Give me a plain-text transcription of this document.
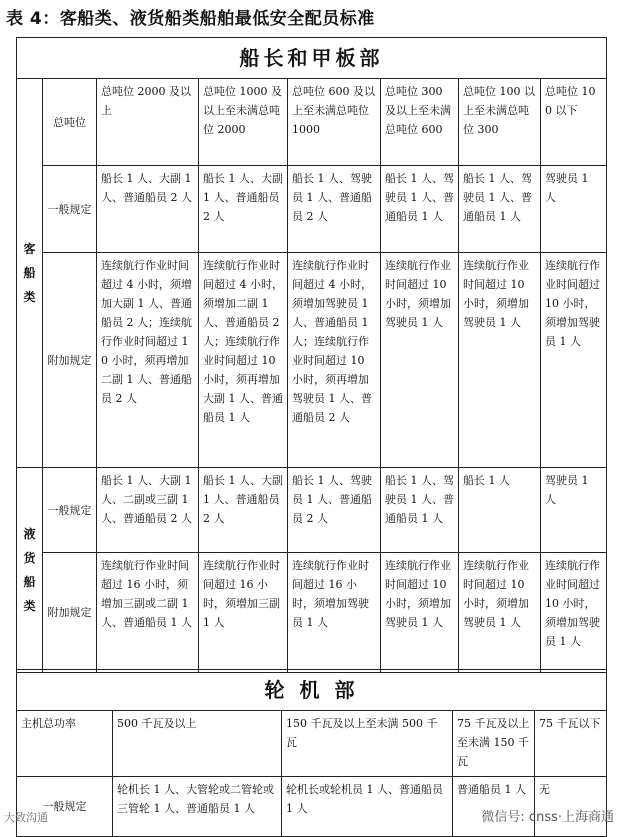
表 4：客船类、液货船类船舶最低安全配员标准
船长和甲板部							
客
船
类	总吨位	总吨位 2000 及以上	总吨位 1000 及以上至未满总吨位 2000	总吨位 600 及以上至未满总吨位 1000	总吨位 300 及以上至未满总吨位 600	总吨位 100 以上至未满总吨位 300	总吨位 100 以下
	一般规定	船长 1 人、大副 1 人、普通船员 2 人	船长 1 人、大副 1 人、普通船员 2 人	船长 1 人、驾驶员 1 人、普通船员 2 人	船长 1 人、驾驶员 1 人、普通船员 1 人	船长 1 人、驾驶员 1 人、普通船员 1 人	驾驶员 1 人
	附加规定	连续航行作业时间超过 4 小时，须增加大副 1 人、普通船员 2 人；连续航行作业时间超过 10 小时，须再增加二副 1 人、普通船员 2 人	连续航行作业时间超过 4 小时，须增加二副 1 人、普通船员 2 人；连续航行作业时间超过 10 小时，须再增加大副 1 人、普通船员 1 人	连续航行作业时间超过 4 小时，须增加驾驶员 1 人、普通船员 1 人；连续航行作业时间超过 10 小时，须再增加驾驶员 1 人、普通船员 2 人	连续航行作业时间超过 10 小时，须增加驾驶员 1 人	连续航行作业时间超过 10 小时，须增加驾驶员 1 人	连续航行作业时间超过 10 小时，须增加驾驶员 1 人
液
货
船
类	一般规定	船长 1 人、大副 1 人、二副或三副 1 人、普通船员 2 人	船长 1 人、大副 1 人、普通船员 2 人	船长 1 人、驾驶员 1 人、普通船员 2 人	船长 1 人、驾驶员 1 人、普通船员 1 人	船长 1 人	驾驶员 1 人
	附加规定	连续航行作业时间超过 16 小时，须增加三副或二副 1 人、普通船员 1 人	连续航行作业时间超过 16 小时，须增加三副 1 人	连续航行作业时间超过 16 小时，须增加驾驶员 1 人	连续航行作业时间超过 10 小时，须增加驾驶员 1 人	连续航行作业时间超过 10 小时，须增加驾驶员 1 人	连续航行作业时间超过 10 小时，须增加驾驶员 1 人
轮 机 部				
主机总功率	500 千瓦及以上	150 千瓦及以上至未满 500 千瓦	75 千瓦及以上至未满 150 千瓦	75 千瓦以下
一般规定	轮机长 1 人、大管轮或二管轮或三管轮 1 人、普通船员 1 人	轮机长或轮机员 1 人、普通船员 1 人	普通船员 1 人	无
大致沟通	微信号: cnss·上海商通
